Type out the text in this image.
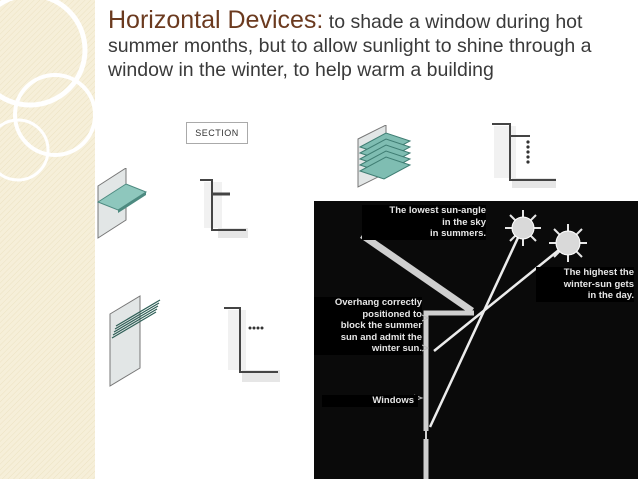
Horizontal Devices: to shade a window during hot summer months, but to allow sunlight to shine through a window in the winter, to help warm a building
SECTION
The lowest sun-angle
in the sky
in summers.
The highest the
winter-sun gets
in the day.
Overhang correctly
positioned to
block the summer
sun and admit the
winter sun.
Windows
